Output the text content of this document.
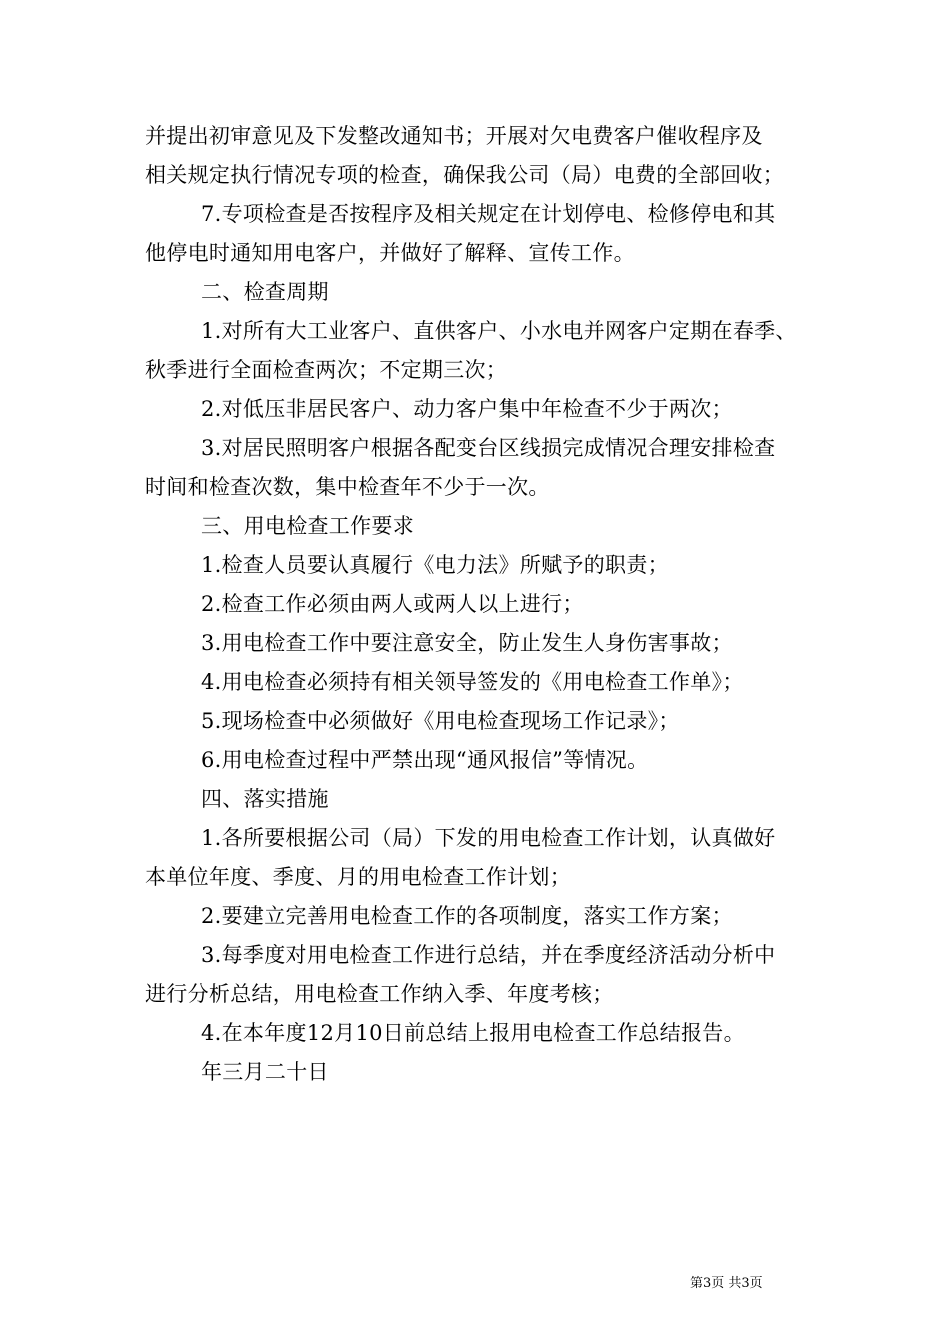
并提出初审意见及下发整改通知书；开展对欠电费客户催收程序及
相关规定执行情况专项的检查，确保我公司（局）电费的全部回收；
7.专项检查是否按程序及相关规定在计划停电、检修停电和其
他停电时通知用电客户，并做好了解释、宣传工作。
二、检查周期
1.对所有大工业客户、直供客户、小水电并网客户定期在春季、
秋季进行全面检查两次；不定期三次；
2.对低压非居民客户、动力客户集中年检查不少于两次；
3.对居民照明客户根据各配变台区线损完成情况合理安排检查
时间和检查次数，集中检查年不少于一次。
三、用电检查工作要求
1.检查人员要认真履行《电力法》所赋予的职责；
2.检查工作必须由两人或两人以上进行；
3.用电检查工作中要注意安全，防止发生人身伤害事故；
4.用电检查必须持有相关领导签发的《用电检查工作单》；
5.现场检查中必须做好《用电检查现场工作记录》；
6.用电检查过程中严禁出现“通风报信”等情况。
四、落实措施
1.各所要根据公司（局）下发的用电检查工作计划，认真做好
本单位年度、季度、月的用电检查工作计划；
2.要建立完善用电检查工作的各项制度，落实工作方案；
3.每季度对用电检查工作进行总结，并在季度经济活动分析中
进行分析总结，用电检查工作纳入季、年度考核；
4.在本年度12月10日前总结上报用电检查工作总结报告。
年三月二十日
第3页 共3页
